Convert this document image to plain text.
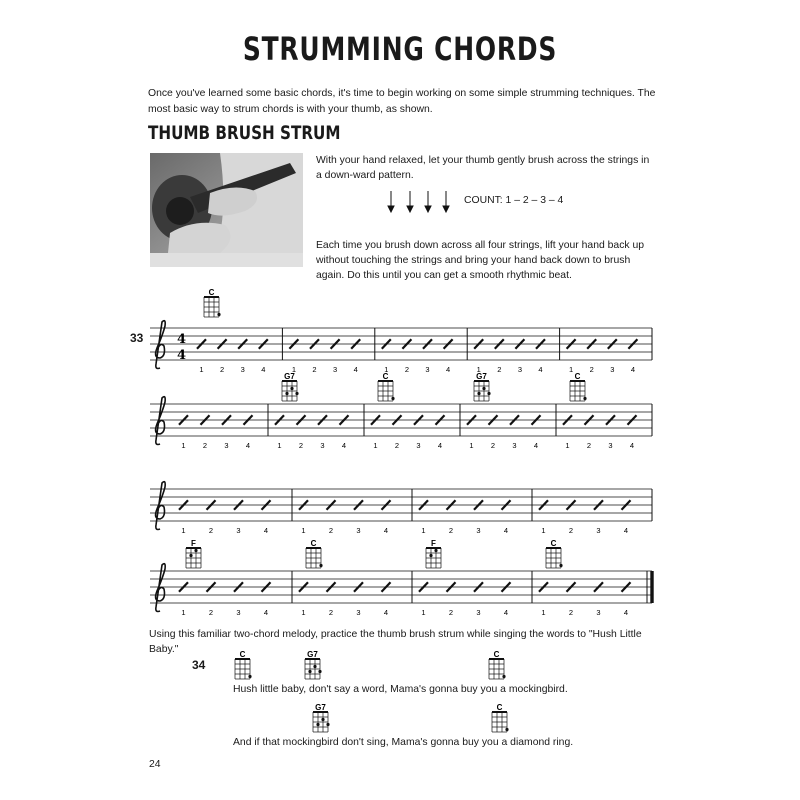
STRUMMING CHORDS
Once you've learned some basic chords, it's time to begin working on some simple strumming techniques. The most basic way to strum chords is with your thumb, as shown.
THUMB BRUSH STRUM
With your hand relaxed, let your thumb gently brush across the strings in a down-ward pattern.
COUNT: 1 – 2 – 3 – 4
Each time you brush down across all four strings, lift your hand back up without touching the strings and bring your hand back down to brush again. Do this until you can get a smooth rhythmic beat.
33	4
4
1 2 3 4	1 2 3 4	1 2 3 4	1 2 3 4	1 2 3 4
C
1 2 3 4	1 2 3 4	1 2 3 4	1 2 3 4	1 2 3 4
G7	C	G7	C
1	2	3	4	1	2	3	4	1	2	3	4	1	2	3	4
1	2	3	4	1	2	3	4	1	2	3	4	1	2	3	4
F	C	F	C
C	G7	C
G7	C
Using this familiar two-chord melody, practice the thumb brush strum while singing the words to "Hush Little Baby."
34
Hush little baby, don't say a word, Mama's gonna buy you a mockingbird.
And if that mockingbird don't sing, Mama's gonna buy you a diamond ring.
24
